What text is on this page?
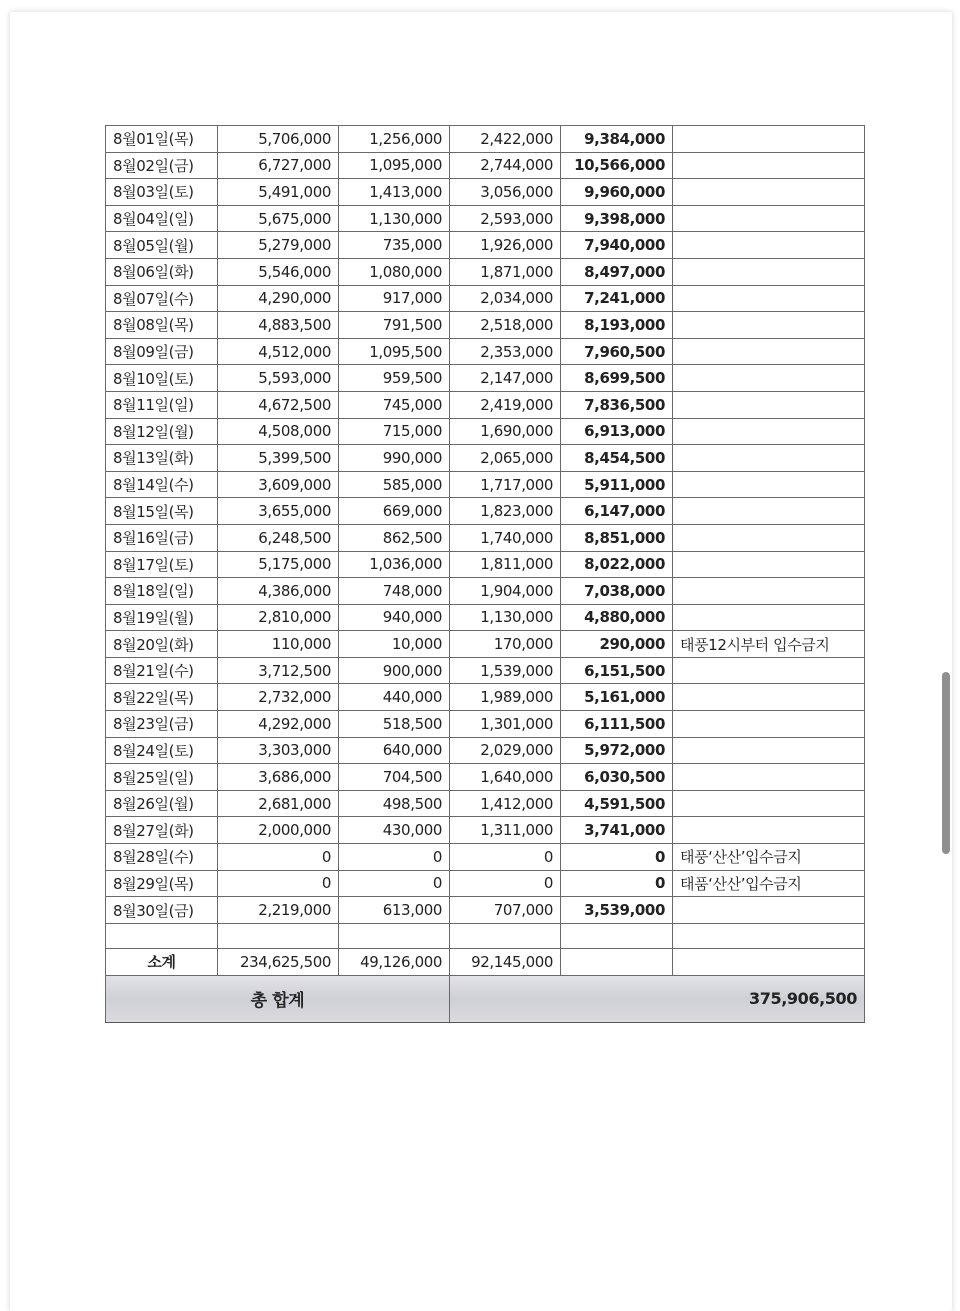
8월01일(목)	5,706,000	1,256,000	2,422,000	9,384,000	
8월02일(금)	6,727,000	1,095,000	2,744,000	10,566,000	
8월03일(토)	5,491,000	1,413,000	3,056,000	9,960,000	
8월04일(일)	5,675,000	1,130,000	2,593,000	9,398,000	
8월05일(월)	5,279,000	735,000	1,926,000	7,940,000	
8월06일(화)	5,546,000	1,080,000	1,871,000	8,497,000	
8월07일(수)	4,290,000	917,000	2,034,000	7,241,000	
8월08일(목)	4,883,500	791,500	2,518,000	8,193,000	
8월09일(금)	4,512,000	1,095,500	2,353,000	7,960,500	
8월10일(토)	5,593,000	959,500	2,147,000	8,699,500	
8월11일(일)	4,672,500	745,000	2,419,000	7,836,500	
8월12일(월)	4,508,000	715,000	1,690,000	6,913,000	
8월13일(화)	5,399,500	990,000	2,065,000	8,454,500	
8월14일(수)	3,609,000	585,000	1,717,000	5,911,000	
8월15일(목)	3,655,000	669,000	1,823,000	6,147,000	
8월16일(금)	6,248,500	862,500	1,740,000	8,851,000	
8월17일(토)	5,175,000	1,036,000	1,811,000	8,022,000	
8월18일(일)	4,386,000	748,000	1,904,000	7,038,000	
8월19일(월)	2,810,000	940,000	1,130,000	4,880,000	
8월20일(화)	110,000	10,000	170,000	290,000	태풍12시부터 입수금지
8월21일(수)	3,712,500	900,000	1,539,000	6,151,500	
8월22일(목)	2,732,000	440,000	1,989,000	5,161,000	
8월23일(금)	4,292,000	518,500	1,301,000	6,111,500	
8월24일(토)	3,303,000	640,000	2,029,000	5,972,000	
8월25일(일)	3,686,000	704,500	1,640,000	6,030,500	
8월26일(월)	2,681,000	498,500	1,412,000	4,591,500	
8월27일(화)	2,000,000	430,000	1,311,000	3,741,000	
8월28일(수)	0	0	0	0	태풍‘산산’입수금지
8월29일(목)	0	0	0	0	태품‘산산’입수금지
8월30일(금)	2,219,000	613,000	707,000	3,539,000	

소계	234,625,500	49,126,000	92,145,000		
총 합계			375,906,500		
